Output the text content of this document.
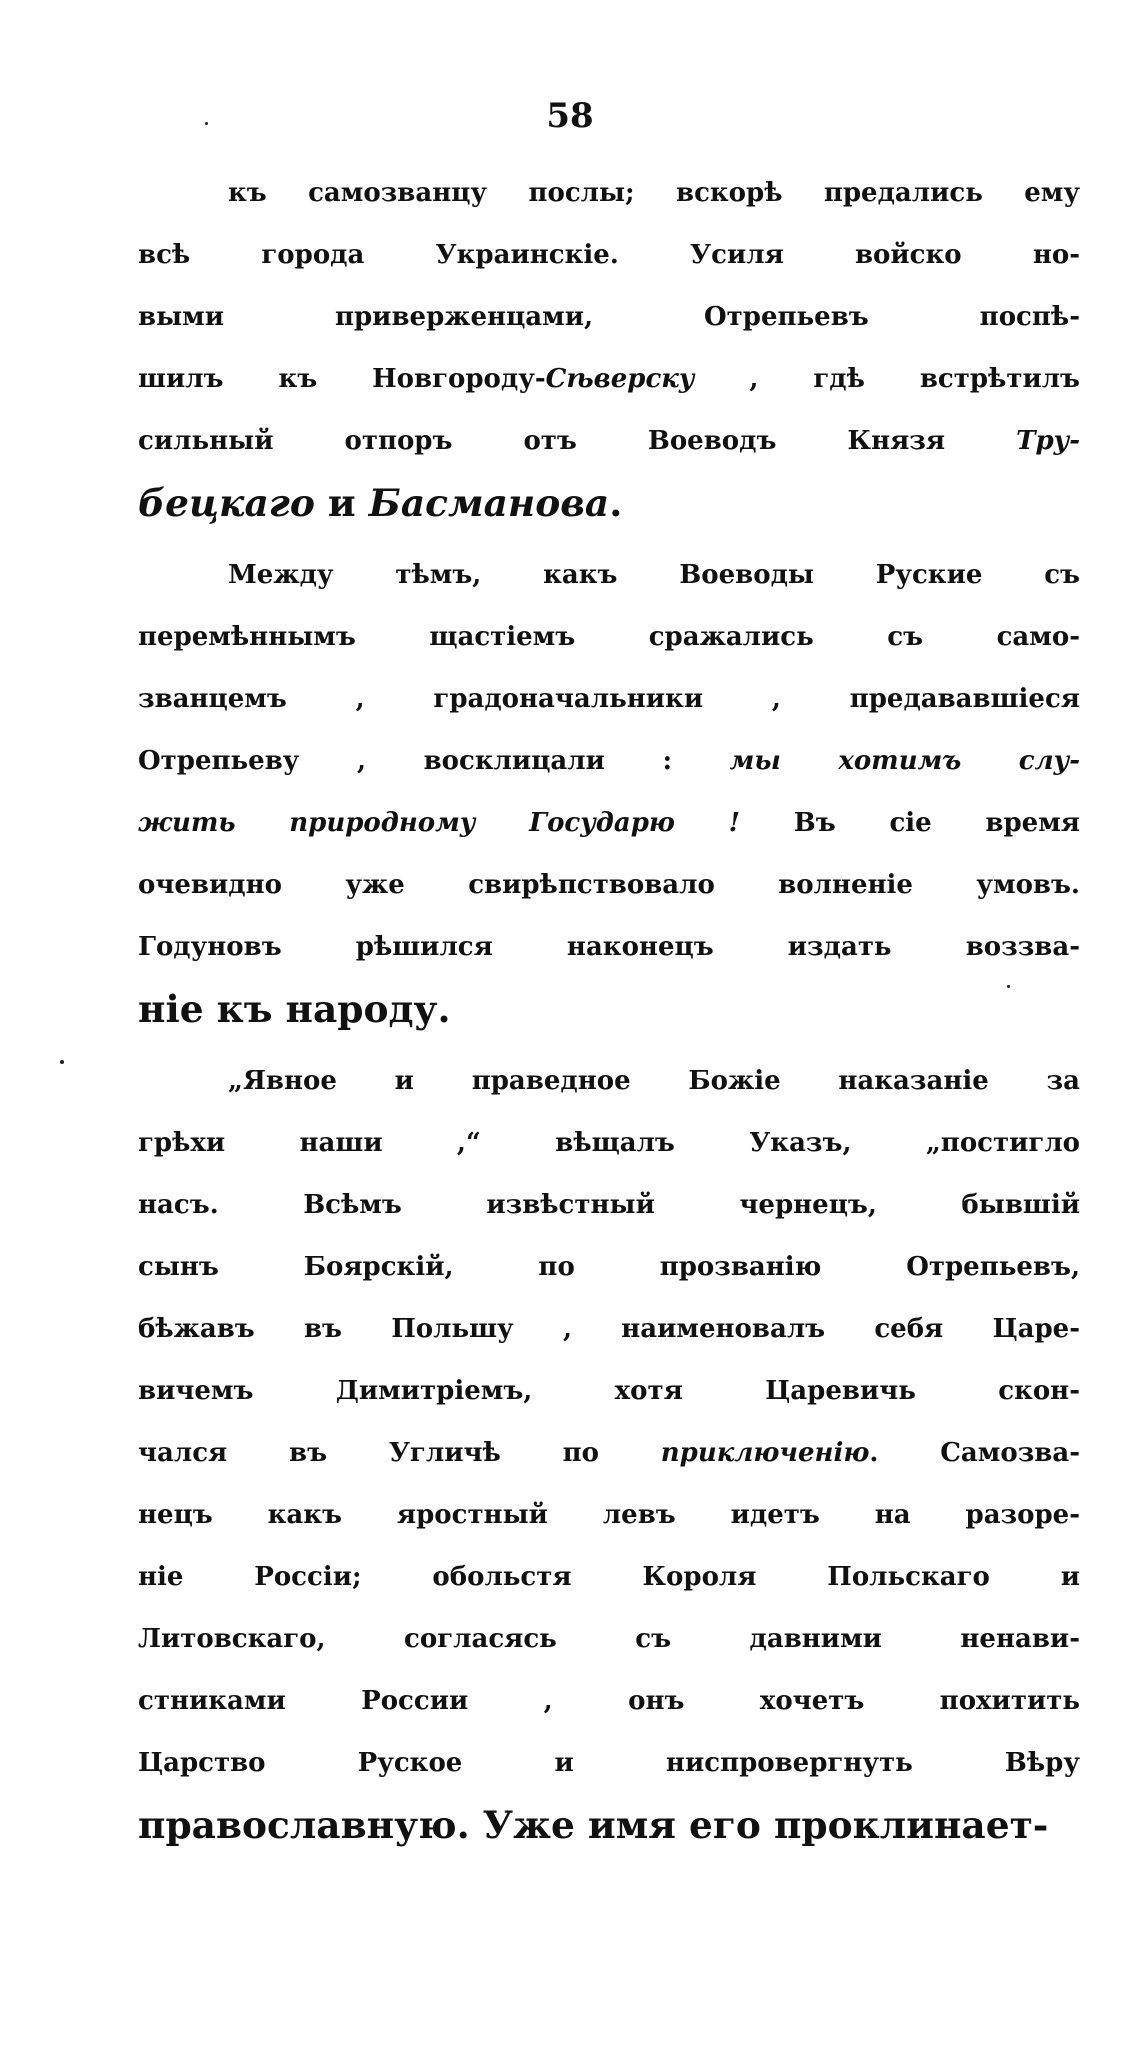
58
къ самозванцу послы; вскорѣ предались ему
всѣ города Украинскіе. Усиля войско но-
выми приверженцами, Отрепьевъ поспѣ-
шилъ къ Новгороду-Сѣверску , гдѣ встрѣтилъ
сильный отпоръ отъ Воеводъ Князя Тру-
бецкаго и Басманова.
Между тѣмъ, какъ Воеводы Руские съ
перемѣннымъ щастіемъ сражались съ само-
званцемъ , градоначальники , предававшіеся
Отрепьеву , восклицали : мы хотимъ слу-
жить природному Государю ! Въ сіе время
очевидно уже свирѣпствовало волненіе умовъ.
Годуновъ рѣшился наконецъ издать воззва-
ніе къ народу.
„Явное и праведное Божіе наказаніе за
грѣхи наши ,“ вѣщалъ Указъ, „постигло
насъ. Всѣмъ извѣстный чернецъ, бывшій
сынъ Боярскій, по прозванію Отрепьевъ,
бѣжавъ въ Польшу , наименовалъ себя Царе-
вичемъ Димитріемъ, хотя Царевичь скон-
чался въ Угличѣ по приключенію. Самозва-
нецъ какъ яростный левъ идетъ на разоре-
ніе Россіи; обольстя Короля Польскаго и
Литовскаго, согласясь съ давними ненави-
стниками России , онъ хочетъ похитить
Царство Руское и ниспровергнуть Вѣру
православную. Уже имя его проклинает-
